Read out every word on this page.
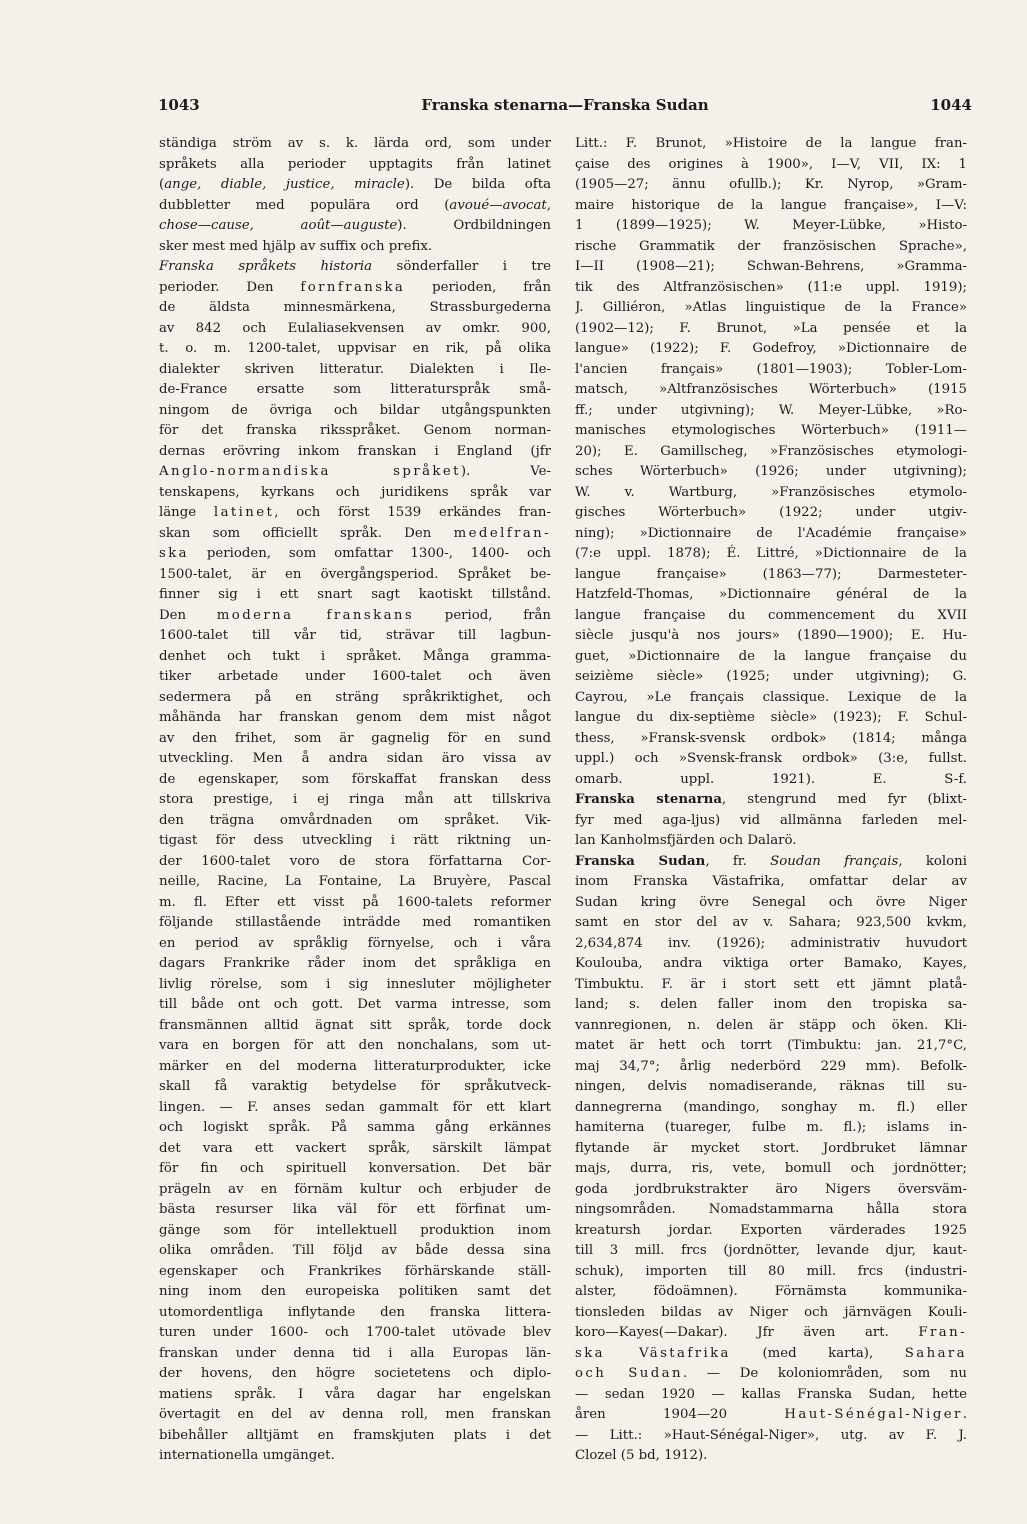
1043	Franska stenarna—Franska Sudan	1044
ständiga ström av s. k. lärda ord, som under
språkets alla perioder upptagits från latinet
(ange, diable, justice, miracle). De bilda ofta
dubbletter med populära ord (avoué—avocat,
chose—cause, août—auguste). Ordbildningen
sker mest med hjälp av suffix och prefix.
Franska språkets historia sönderfaller i tre
perioder. Den fornfranska perioden, från
de äldsta minnesmärkena, Strassburgederna
av 842 och Eulaliasekvensen av omkr. 900,
t. o. m. 1200-talet, uppvisar en rik, på olika
dialekter skriven litteratur. Dialekten i Ile-
de-France ersatte som litteraturspråk små-
ningom de övriga och bildar utgångspunkten
för det franska riksspråket. Genom norman-
dernas erövring inkom franskan i England (jfr
Anglo-normandiska språket). Ve-
tenskapens, kyrkans och juridikens språk var
länge latinet, och först 1539 erkändes fran-
skan som officiellt språk. Den medelfran-
ska perioden, som omfattar 1300-, 1400- och
1500-talet, är en övergångsperiod. Språket be-
finner sig i ett snart sagt kaotiskt tillstånd.
Den moderna franskans period, från
1600-talet till vår tid, strävar till lagbun-
denhet och tukt i språket. Många gramma-
tiker arbetade under 1600-talet och även
sedermera på en sträng språkriktighet, och
måhända har franskan genom dem mist något
av den frihet, som är gagnelig för en sund
utveckling. Men å andra sidan äro vissa av
de egenskaper, som förskaffat franskan dess
stora prestige, i ej ringa mån att tillskriva
den trägna omvårdnaden om språket. Vik-
tigast för dess utveckling i rätt riktning un-
der 1600-talet voro de stora författarna Cor-
neille, Racine, La Fontaine, La Bruyère, Pascal
m. fl. Efter ett visst på 1600-talets reformer
följande stillastående inträdde med romantiken
en period av språklig förnyelse, och i våra
dagars Frankrike råder inom det språkliga en
livlig rörelse, som i sig innesluter möjligheter
till både ont och gott. Det varma intresse, som
fransmännen alltid ägnat sitt språk, torde dock
vara en borgen för att den nonchalans, som ut-
märker en del moderna litteraturprodukter, icke
skall få varaktig betydelse för språkutveck-
lingen. — F. anses sedan gammalt för ett klart
och logiskt språk. På samma gång erkännes
det vara ett vackert språk, särskilt lämpat
för fin och spirituell konversation. Det bär
prägeln av en förnäm kultur och erbjuder de
bästa resurser lika väl för ett förfinat um-
gänge som för intellektuell produktion inom
olika områden. Till följd av både dessa sina
egenskaper och Frankrikes förhärskande ställ-
ning inom den europeiska politiken samt det
utomordentliga inflytande den franska littera-
turen under 1600- och 1700-talet utövade blev
franskan under denna tid i alla Europas län-
der hovens, den högre societetens och diplo-
matiens språk. I våra dagar har engelskan
övertagit en del av denna roll, men franskan
bibehåller alltjämt en framskjuten plats i det
internationella umgänget.
Litt.: F. Brunot, »Histoire de la langue fran-
çaise des origines à 1900», I—V, VII, IX: 1
(1905—27; ännu ofullb.); Kr. Nyrop, »Gram-
maire historique de la langue française», I—V:
1 (1899—1925); W. Meyer-Lübke, »Histo-
rische Grammatik der französischen Sprache»,
I—II (1908—21); Schwan-Behrens, »Gramma-
tik des Altfranzösischen» (11:e uppl. 1919);
J. Gilliéron, »Atlas linguistique de la France»
(1902—12); F. Brunot, »La pensée et la
langue» (1922); F. Godefroy, »Dictionnaire de
l'ancien français» (1801—1903); Tobler-Lom-
matsch, »Altfranzösisches Wörterbuch» (1915
ff.; under utgivning); W. Meyer-Lübke, »Ro-
manisches etymologisches Wörterbuch» (1911—
20); E. Gamillscheg, »Französisches etymologi-
sches Wörterbuch» (1926; under utgivning);
W. v. Wartburg, »Französisches etymolo-
gisches Wörterbuch» (1922; under utgiv-
ning); »Dictionnaire de l'Académie française»
(7:e uppl. 1878); É. Littré, »Dictionnaire de la
langue française» (1863—77); Darmesteter-
Hatzfeld-Thomas, »Dictionnaire général de la
langue française du commencement du XVII
siècle jusqu'à nos jours» (1890—1900); E. Hu-
guet, »Dictionnaire de la langue française du
seizième siècle» (1925; under utgivning); G.
Cayrou, »Le français classique. Lexique de la
langue du dix-septième siècle» (1923); F. Schul-
thess, »Fransk-svensk ordbok» (1814; många
uppl.) och »Svensk-fransk ordbok» (3:e, fullst.
omarb. uppl. 1921).	E. S-f.
Franska stenarna, stengrund med fyr (blixt-
fyr med aga-ljus) vid allmänna farleden mel-
lan Kanholmsfjärden och Dalarö.
Franska Sudan, fr. Soudan français, koloni
inom Franska Västafrika, omfattar delar av
Sudan kring övre Senegal och övre Niger
samt en stor del av v. Sahara; 923,500 kvkm,
2,634,874 inv. (1926); administrativ huvudort
Koulouba, andra viktiga orter Bamako, Kayes,
Timbuktu. F. är i stort sett ett jämnt platå-
land; s. delen faller inom den tropiska sa-
vannregionen, n. delen är stäpp och öken. Kli-
matet är hett och torrt (Timbuktu: jan. 21,7°C,
maj 34,7°; årlig nederbörd 229 mm). Befolk-
ningen, delvis nomadiserande, räknas till su-
dannegrerna (mandingo, songhay m. fl.) eller
hamiterna (tuareger, fulbe m. fl.); islams in-
flytande är mycket stort. Jordbruket lämnar
majs, durra, ris, vete, bomull och jordnötter;
goda jordbrukstrakter äro Nigers översväm-
ningsområden. Nomadstammarna hålla stora
kreatursh jordar. Exporten värderades 1925
till 3 mill. frcs (jordnötter, levande djur, kaut-
schuk), importen till 80 mill. frcs (industri-
alster, födoämnen). Förnämsta kommunika-
tionsleden bildas av Niger och järnvägen Kouli-
koro—Kayes(—Dakar). Jfr även art. Fran-
ska Västafrika (med karta), Sahara
och Sudan. — De koloniområden, som nu
— sedan 1920 — kallas Franska Sudan, hette
åren 1904—20 Haut-Sénégal-Niger.
— Litt.: »Haut-Sénégal-Niger», utg. av F. J.
Clozel (5 bd, 1912).
